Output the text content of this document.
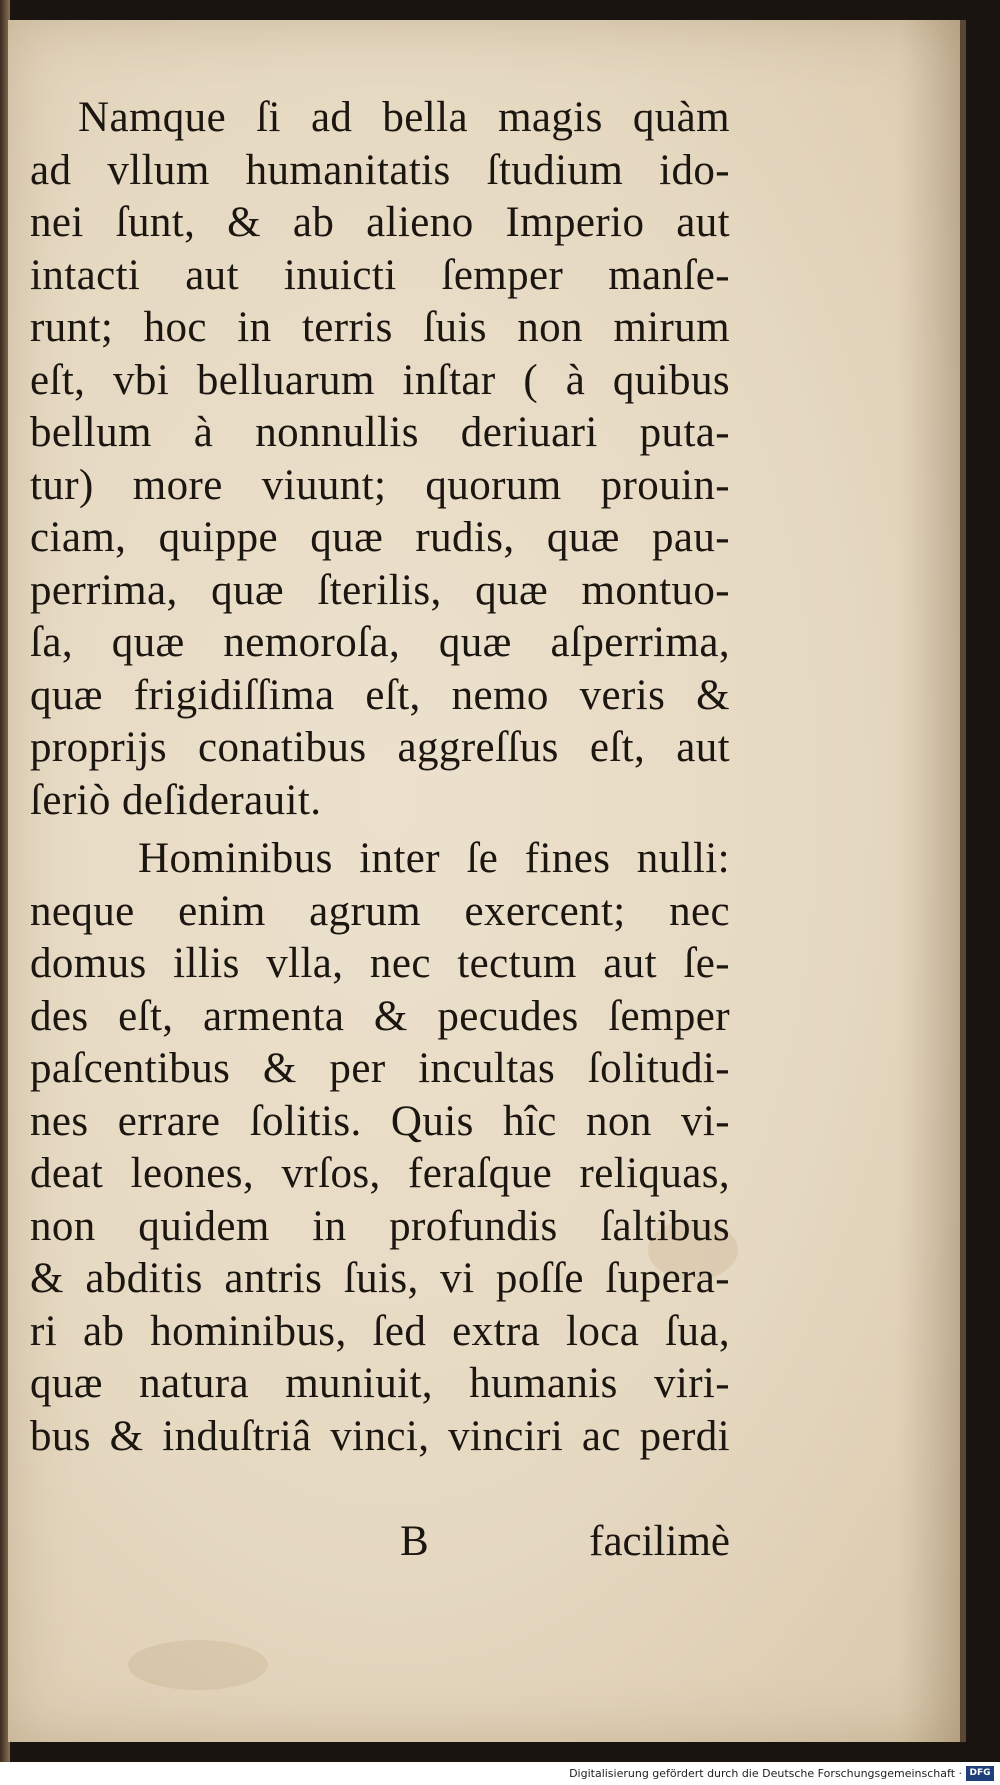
Namque ſi ad bella magis quàm
ad vllum humanitatis ſtudium ido-
nei ſunt, & ab alieno Imperio aut
intacti aut inuicti ſemper manſe-
runt; hoc in terris ſuis non mirum
eſt, vbi belluarum inſtar ( à quibus
bellum à nonnullis deriuari puta-
tur) more viuunt; quorum prouin-
ciam, quippe quæ rudis, quæ pau-
perrima, quæ ſterilis, quæ montuo-
ſa, quæ nemoroſa, quæ aſperrima,
quæ frigidiſſima eſt, nemo veris &
proprijs conatibus aggreſſus eſt, aut
ſeriò deſiderauit.
Hominibus inter ſe fines nulli:
neque enim agrum exercent; nec
domus illis vlla, nec tectum aut ſe-
des eſt, armenta & pecudes ſemper
paſcentibus & per incultas ſolitudi-
nes errare ſolitis. Quis hîc non vi-
deat leones, vrſos, feraſque reliquas,
non quidem in profundis ſaltibus
& abditis antris ſuis, vi poſſe ſupera-
ri ab hominibus, ſed extra loca ſua,
quæ natura muniuit, humanis viri-
bus & induſtriâ vinci, vinciri ac perdi
B	facilimè
Digitalisierung gefördert durch die Deutsche Forschungsgemeinschaft · DFG
